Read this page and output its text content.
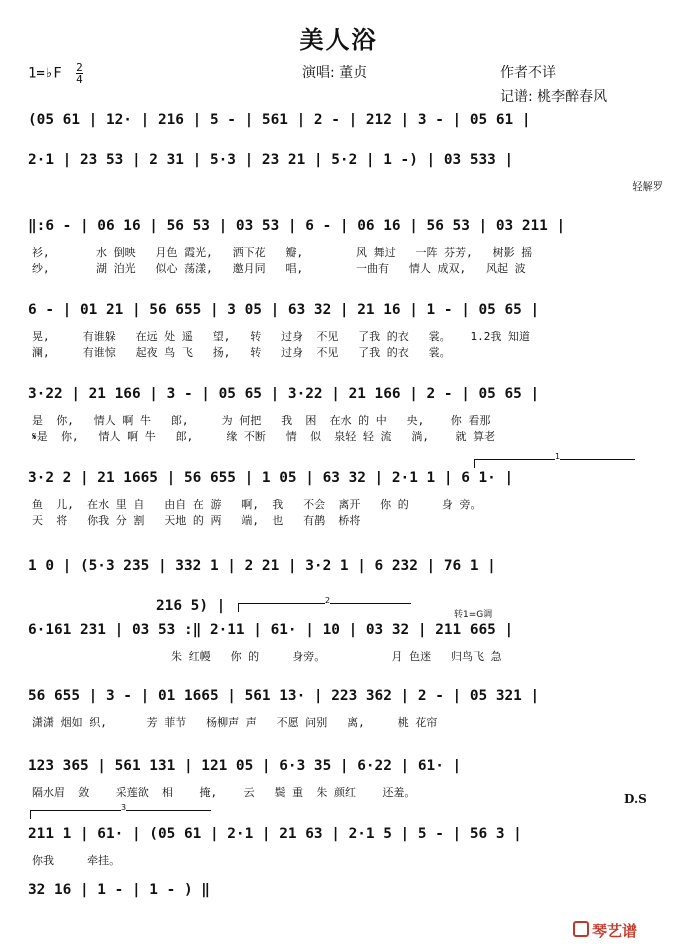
美人浴
1=♭F $\frac{2}{4}$	演唱: 董贞	作者不详
记谱: 桃李醉春风
(05 61 | 12· | 216 | 5 - | 561 | 2 - | 212 | 3 - | 05 61 |
2·1 | 23 53 | 2 31 | 5·3 | 23 21 | 5·2 | 1 -) | 03 533 |
轻解罗
‖:6 - | 06 16 | 56 53 | 03 53 | 6 - | 06 16 | 56 53 | 03 211 |
衫,       水 倒映   月色 霞光,   洒下花   瓣,        风 舞过   一阵 芬芳,   树影 摇
纱,       湖 泊光   似心 荡漾,   邀月同   唱,        一曲有   情人 成双,   风起 波
6 - | 01 21 | 56 655 | 3 05 | 63 32 | 21 16 | 1 - | 05 65 |
晃,     有谁躲   在远 处 遥   望,   转   过身  不见   了我 的衣   裳。   1.2我 知道
澜,     有谁惊   起夜 鸟 飞   扬,   转   过身  不见   了我 的衣   裳。
3·22 | 21 166 | 3 - | 05 65 | 3·22 | 21 166 | 2 - | 05 65 |
是  你,   情人 啊 牛   郎,     为 何把   我  困  在水 的 中   央,    你 看那
𝄋是  你,   情人 啊 牛   郎,     缘 不断   情  似  泉轻 轻 流   淌,    就 算老
3·2 2 | 21 1665 | 56 655 | 1 05 | 63 32 | 2·1 1 | 6 1· |
鱼  儿,  在水 里 自   由自 在 游   啊,  我   不会  离开   你 的     身 旁。
天  将   你我 分 割   天地 的 两   端,  也   有鹊  桥将
1 0 | (5·3 235 | 332 1 | 2 21 | 3·2 1 | 6 232 | 76 1 |
216 5) |
6·161 231 | 03 53 :‖ 2·11 | 61· | 10 | 03 32 | 211 665 |
朱 红幔   你 的     身旁。          月 色迷   归鸟飞 急
56 655 | 3 - | 01 1665 | 561 13· | 223 362 | 2 - | 05 321 |
潇潇 烟如 织,      芳 菲节   杨柳声 声   不愿 问别   离,     桃 花帘
123 365 | 561 131 | 121 05 | 6·3 35 | 6·22 | 61· |
隔水眉  敛    采莲欲  相    掩,    云   鬓 重  朱 颜红    还羞。
211 1 | 61· | (05 61 | 2·1 | 21 63 | 2·1 5 | 5 - | 56 3 |
你我     牵挂。
32 16 | 1 - | 1 - ) ‖
1
2
3
转1=G调
D.S
琴艺谱
